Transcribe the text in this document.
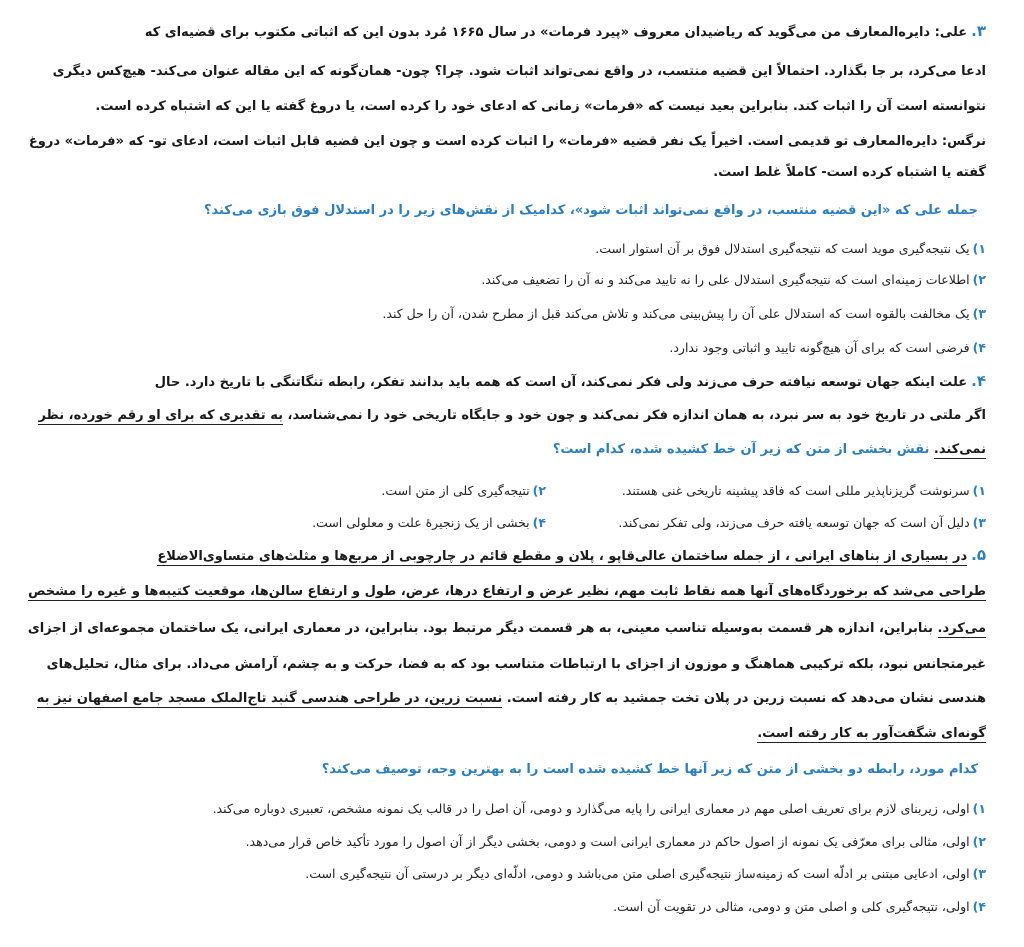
۳.علی: دایره‌المعارف من می‌گوید که ریاضیدان معروف «پیرد فرمات» در سال ۱۶۶۵ مُرد بدون این که اثباتی مکتوب برای قضیه‌ای که

ادعا می‌کرد، بر جا بگذارد. احتمالاً این قضیه منتسب، در واقع نمی‌تواند اثبات شود. چرا؟ چون- همان‌گونه که این مقاله عنوان می‌کند- هیچ‌کس دیگری

نتوانسته است آن را اثبات کند. بنابراین بعید نیست که «فرمات» زمانی که ادعای خود را کرده است، یا دروغ گفته یا این که اشتباه کرده است.

نرگس: دایره‌المعارف تو قدیمی است. اخیراً یک نفر قضیه «فرمات» را اثبات کرده است و چون این قضیه قابل اثبات است، ادعای تو- که «فرمات» دروغ

گفته یا اشتباه کرده است- کاملاً غلط است.

جمله علی که «این قضیه منتسب، در واقع نمی‌تواند اثبات شود»، کدامیک از نقش‌های زیر را در استدلال فوق بازی می‌کند؟

۱)یک نتیجه‌گیری موید است که نتیجه‌گیری استدلال فوق بر آن استوار است.

۲)اطلاعات زمینه‌ای است که نتیجه‌گیری استدلال علی را نه تایید می‌کند و نه آن را تضعیف می‌کند.

۳)یک مخالفت بالقوه است که استدلال علی آن را پیش‌بینی می‌کند و تلاش می‌کند قبل از مطرح شدن، آن را حل کند.

۴)فرضی است که برای آن هیچ‌گونه تایید و اثباتی وجود ندارد.

۴.علت اینکه جهان توسعه نیافته حرف می‌زند ولی فکر نمی‌کند، آن است که همه باید بدانند تفکر، رابطه تنگاتنگی با تاریخ دارد. حال

اگر ملتی در تاریخ خود به سر نبرد، به همان اندازه فکر نمی‌کند و چون خود و جایگاه تاریخی خود را نمی‌شناسد، به تقدیری که برای او رقم خورده، نظر

نمی‌کند. نقش بخشی از متن که زیر آن خط کشیده شده، کدام است؟

۱)سرنوشت گریزناپذیر مللی است که فاقد پیشینه تاریخی غنی هستند.
۲)نتیجه‌گیری کلی از متن است.
۳)دلیل آن است که جهان توسعه یافته حرف می‌زند، ولی تفکر نمی‌کند.
۴)بخشی از یک زنجیرهٔ علت و معلولی است.

۵.در بسیاری از بناهای ایرانی ، از جمله ساختمان عالی‌قاپو ، پلان و مقطع قائم در چارچوبی از مربع‌ها و مثلث‌های متساوی‌الاضلاع

طراحی می‌شد که برخوردگاه‌های آنها همه نقاط ثابت مهم، نظیر عرض و ارتفاع درها، عرض، طول و ارتفاع سالن‌ها، موقعیت کتیبه‌ها و غیره را مشخص

می‌کرد. بنابراین، اندازه هر قسمت به‌وسیله تناسب معینی، به هر قسمت دیگر مرتبط بود. بنابراین، در معماری ایرانی، یک ساختمان مجموعه‌ای از اجزای

غیرمتجانس نبود، بلکه ترکیبی هماهنگ و موزون از اجزای با ارتباطات متناسب بود که به فضا، حرکت و به چشم، آرامش می‌داد. برای مثال، تحلیل‌های

هندسی نشان می‌دهد که نسبت زرین در پلان تخت جمشید به کار رفته است. نسبت زرین، در طراحی هندسی گنبد تاج‌الملک مسجد جامع اصفهان نیز به

گونه‌ای شگفت‌آور به کار رفته است.

کدام مورد، رابطه دو بخشی از متن که زیر آنها خط کشیده شده است را به بهترین وجه، توصیف می‌کند؟

۱)اولی، زیربنای لازم برای تعریف اصلی مهم در معماری ایرانی را پایه می‌گذارد و دومی، آن اصل را در قالب یک نمونه مشخص، تعبیری دوباره می‌کند.

۲)اولی، مثالی برای معرّفی یک نمونه از اصول حاکم در معماری ایرانی است و دومی، بخشی دیگر از آن اصول را مورد تأکید خاص قرار می‌دهد.

۳)اولی، ادعایی مبتنی بر ادلّه است که زمینه‌ساز نتیجه‌گیری اصلی متن می‌باشد و دومی، ادلّه‌ای دیگر بر درستی آن نتیجه‌گیری است.

۴)اولی، نتیجه‌گیری کلی و اصلی متن و دومی، مثالی در تقویت آن است.
